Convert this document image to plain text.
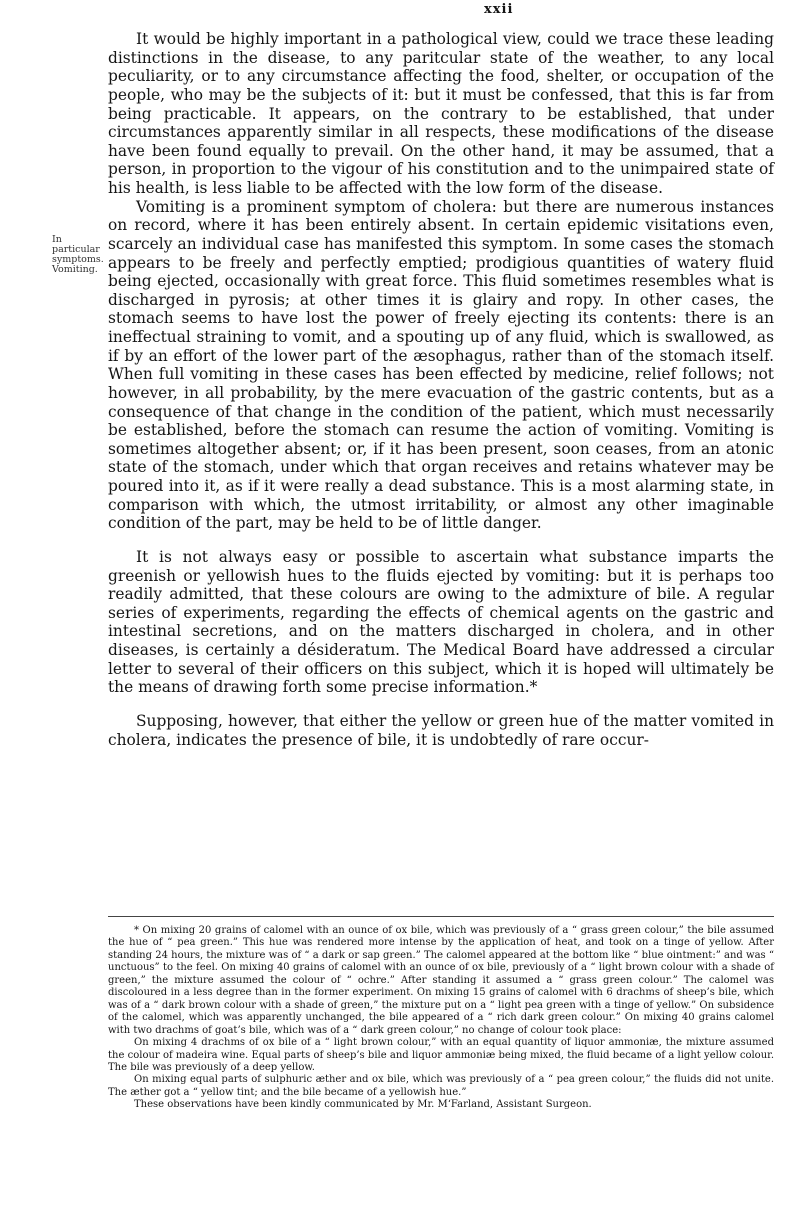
xxii
In particular
symptoms.
Vomiting.

It would be highly important in a pathological view, could we trace these leading distinctions in the disease, to any paritcular state of the weather, to any local peculiarity, or to any circumstance affecting the food, shelter, or occupation of the people, who may be the subjects of it: but it must be confessed, that this is far from being practicable. It appears, on the contrary to be established, that under circumstances apparently similar in all respects, these modifications of the disease have been found equally to prevail. On the other hand, it may be assumed, that a person, in proportion to the vigour of his constitution and to the unimpaired state of his health, is less liable to be affected with the low form of the disease.

Vomiting is a prominent symptom of cholera: but there are numerous instances on record, where it has been entirely absent. In certain epidemic visitations even, scarcely an individual case has manifested this symptom. In some cases the stomach appears to be freely and perfectly emptied; prodigious quantities of watery fluid being ejected, occasionally with great force. This fluid sometimes resembles what is discharged in pyrosis; at other times it is glairy and ropy. In other cases, the stomach seems to have lost the power of freely ejecting its contents: there is an ineffectual straining to vomit, and a spouting up of any fluid, which is swallowed, as if by an effort of the lower part of the æsophagus, rather than of the stomach itself. When full vomiting in these cases has been effected by medicine, relief follows; not however, in all probability, by the mere evacuation of the gastric contents, but as a consequence of that change in the condition of the patient, which must necessarily be established, before the stomach can resume the action of vomiting. Vomiting is sometimes altogether absent; or, if it has been present, soon ceases, from an atonic state of the stomach, under which that organ receives and retains whatever may be poured into it, as if it were really a dead substance. This is a most alarming state, in comparison with which, the utmost irritability, or almost any other imaginable condition of the part, may be held to be of little danger.

It is not always easy or possible to ascertain what substance imparts the greenish or yellowish hues to the fluids ejected by vomiting: but it is perhaps too readily admitted, that these colours are owing to the admixture of bile. A regular series of experiments, regarding the effects of chemical agents on the gastric and intestinal secretions, and on the matters discharged in cholera, and in other diseases, is certainly a désideratum. The Medical Board have addressed a circular letter to several of their officers on this subject, which it is hoped will ultimately be the means of drawing forth some precise information.*

Supposing, however, that either the yellow or green hue of the matter vomited in cholera, indicates the presence of bile, it is undobtedly of rare occur-

* On mixing 20 grains of calomel with an ounce of ox bile, which was previously of a “ grass green colour,” the bile assumed the hue of “ pea green.” This hue was rendered more intense by the application of heat, and took on a tinge of yellow. After standing 24 hours, the mixture was of “ a dark or sap green.” The calomel appeared at the bottom like “ blue ointment:” and was “ unctuous” to the feel. On mixing 40 grains of calomel with an ounce of ox bile, previously of a “ light brown colour with a shade of green,” the mixture assumed the colour of “ ochre.” After standing it assumed a “ grass green colour.” The calomel was discoloured in a less degree than in the former experiment. On mixing 15 grains of calomel with 6 drachms of sheep’s bile, which was of a “ dark brown colour with a shade of green,” the mixture put on a “ light pea green with a tinge of yellow.” On subsidence of the calomel, which was apparently unchanged, the bile appeared of a “ rich dark green colour.” On mixing 40 grains calomel with two drachms of goat’s bile, which was of a “ dark green colour,” no change of colour took place:

On mixing 4 drachms of ox bile of a “ light brown colour,” with an equal quantity of liquor ammoniæ, the mixture assumed the colour of madeira wine. Equal parts of sheep’s bile and liquor ammoniæ being mixed, the fluid became of a light yellow colour. The bile was previously of a deep yellow.

On mixing equal parts of sulphuric æther and ox bile, which was previously of a “ pea green colour,” the fluids did not unite. The æther got a “ yellow tint; and the bile became of a yellowish hue.”

These observations have been kindly communicated by Mr. M‘Farland, Assistant Surgeon.
